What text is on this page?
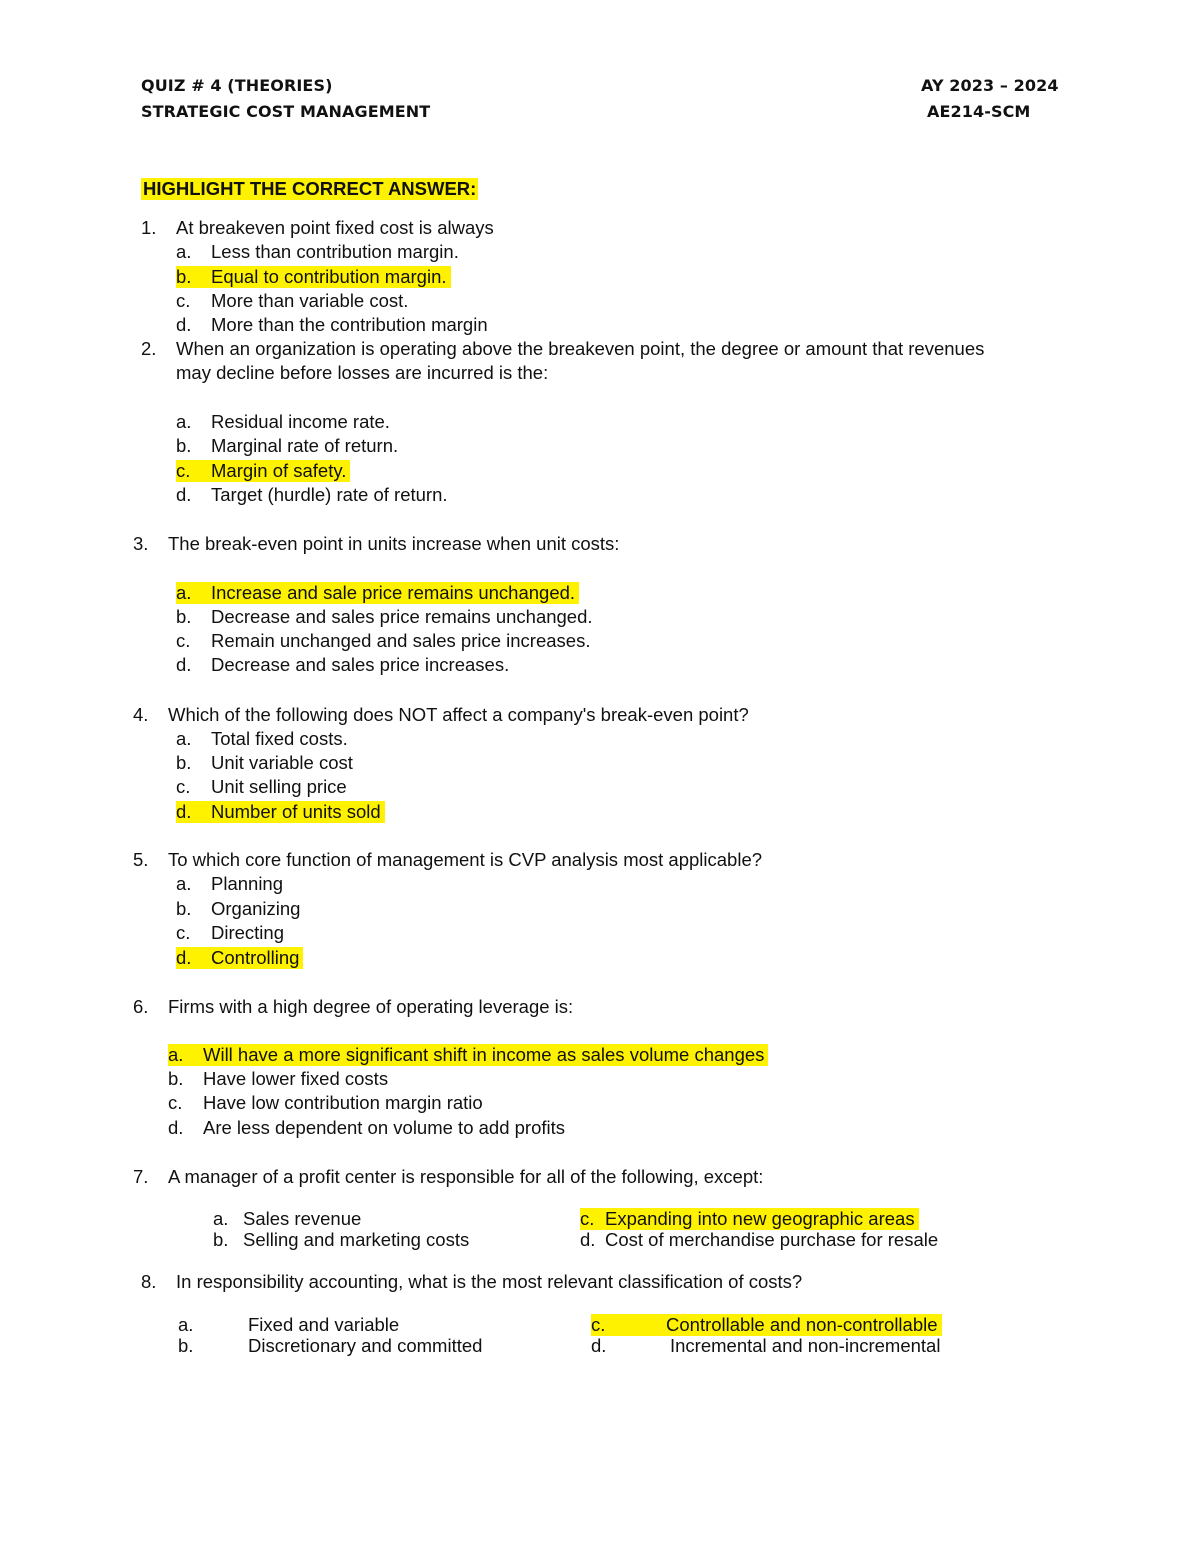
QUIZ # 4 (THEORIES)
STRATEGIC COST MANAGEMENT
AY 2023 – 2024
AE214-SCM
HIGHLIGHT THE CORRECT ANSWER:
1. At breakeven point fixed cost is always
a. Less than contribution margin.
b. Equal to contribution margin.
c. More than variable cost.
d. More than the contribution margin
2. When an organization is operating above the breakeven point, the degree or amount that revenues
may decline before losses are incurred is the:
a. Residual income rate.
b. Marginal rate of return.
c. Margin of safety.
d. Target (hurdle) rate of return.
3. The break-even point in units increase when unit costs:
a. Increase and sale price remains unchanged.
b. Decrease and sales price remains unchanged.
c. Remain unchanged and sales price increases.
d. Decrease and sales price increases.
4. Which of the following does NOT affect a company's break-even point?
a. Total fixed costs.
b. Unit variable cost
c. Unit selling price
d. Number of units sold
5. To which core function of management is CVP analysis most applicable?
a. Planning
b. Organizing
c. Directing
d. Controlling
6. Firms with a high degree of operating leverage is:
a. Will have a more significant shift in income as sales volume changes
b. Have lower fixed costs
c. Have low contribution margin ratio
d. Are less dependent on volume to add profits
7. A manager of a profit center is responsible for all of the following, except:
a. Sales revenue
b. Selling and marketing costs
c. Expanding into new geographic areas
d. Cost of merchandise purchase for resale
8. In responsibility accounting, what is the most relevant classification of costs?
a.	Fixed and variable
b.	Discretionary and committed
c.	Controllable and non-controllable
d.	Incremental and non-incremental
